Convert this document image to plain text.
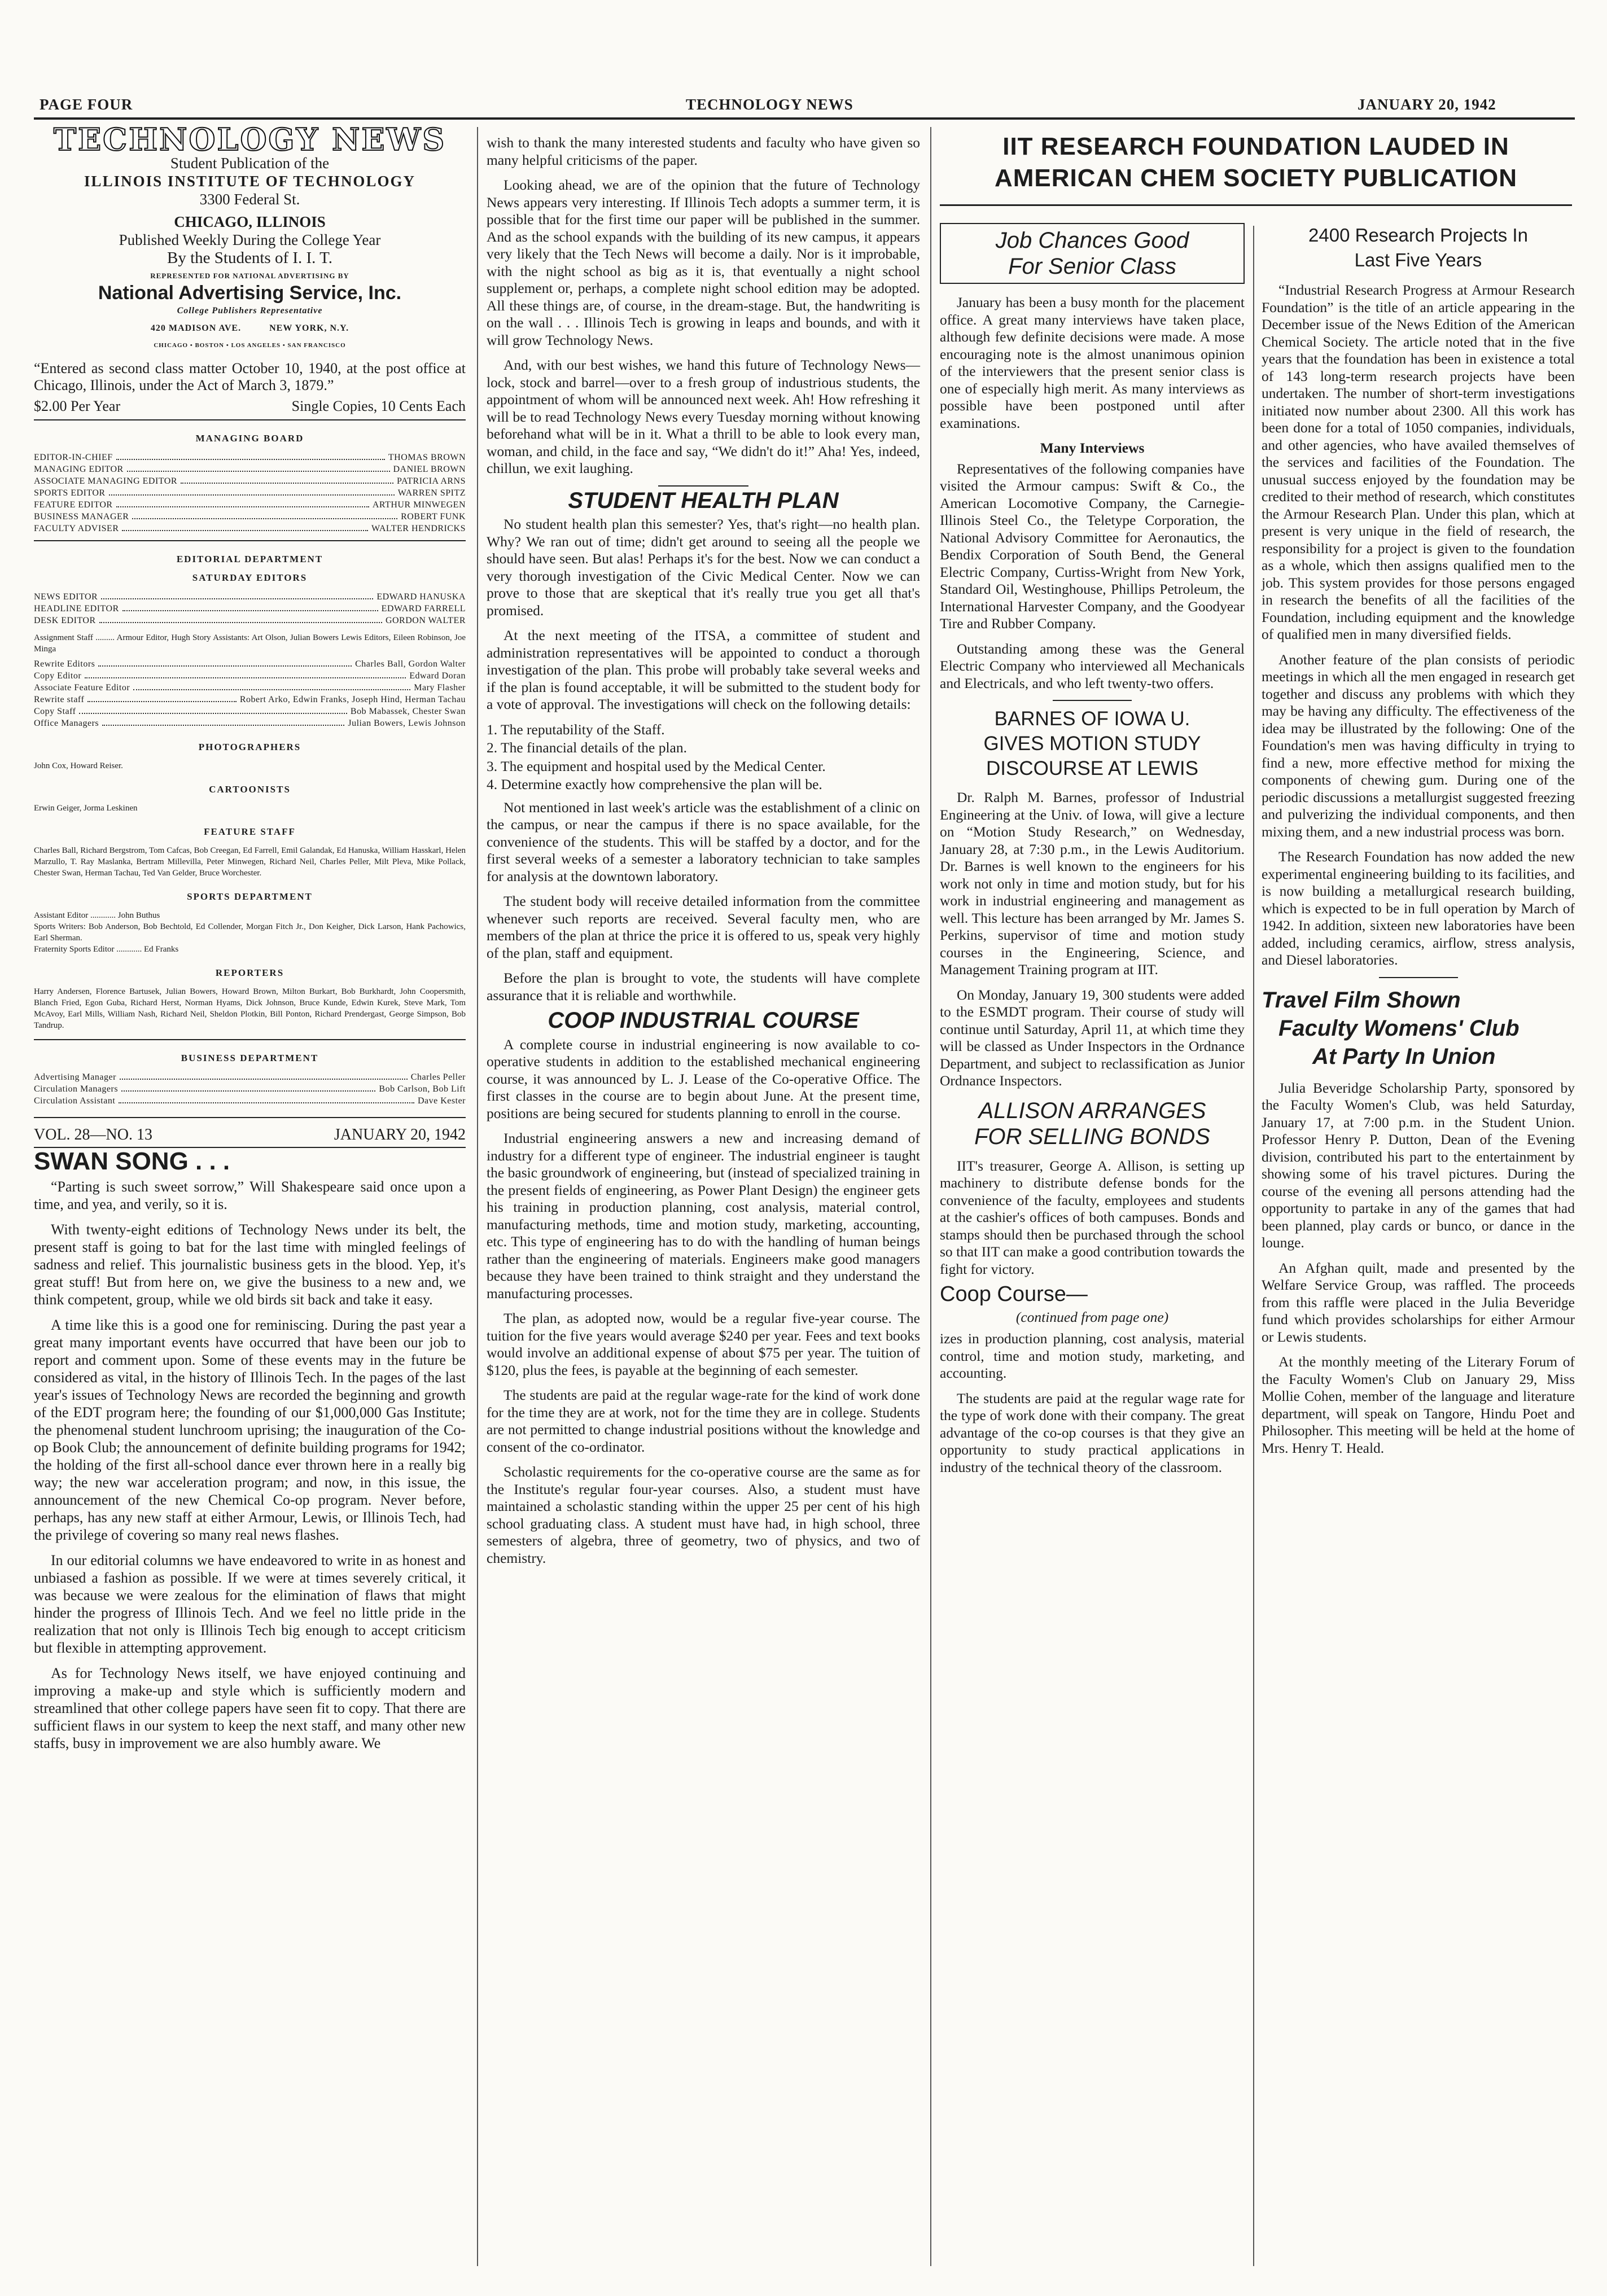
PAGE FOUR	TECHNOLOGY NEWS	JANUARY 20, 1942
TECHNOLOGY NEWS
Student Publication of the
ILLINOIS INSTITUTE OF TECHNOLOGY
3300 Federal St.
CHICAGO, ILLINOIS
Published Weekly During the College Year
By the Students of I. I. T.
REPRESENTED FOR NATIONAL ADVERTISING BY
National Advertising Service, Inc.
College Publishers Representative
420 MADISON AVE.          NEW YORK, N.Y.
CHICAGO • BOSTON • LOS ANGELES • SAN FRANCISCO
“Entered as second class matter October 10, 1940, at the post office at Chicago, Illinois, under the Act of March 3, 1879.”
$2.00 Per Year	Single Copies, 10 Cents Each
MANAGING BOARD
EDITOR-IN-CHIEF	THOMAS BROWN
MANAGING EDITOR	DANIEL BROWN
ASSOCIATE MANAGING EDITOR	PATRICIA ARNS
SPORTS EDITOR	WARREN SPITZ
FEATURE EDITOR	ARTHUR MINWEGEN
BUSINESS MANAGER	ROBERT FUNK
FACULTY ADVISER	WALTER HENDRICKS
EDITORIAL DEPARTMENT
SATURDAY EDITORS
NEWS EDITOR	EDWARD HANUSKA
HEADLINE EDITOR	EDWARD FARRELL
DESK EDITOR	GORDON WALTER
Assignment Staff ......... Armour Editor, Hugh Story Assistants: Art Olson, Julian Bowers Lewis Editors, Eileen Robinson, Joe Minga
Rewrite Editors	Charles Ball, Gordon Walter
Copy Editor	Edward Doran
Associate Feature Editor	Mary Flasher
Rewrite staff	Robert Arko, Edwin Franks, Joseph Hind, Herman Tachau
Copy Staff	Bob Mabassek, Chester Swan
Office Managers	Julian Bowers, Lewis Johnson
PHOTOGRAPHERS
John Cox, Howard Reiser.
CARTOONISTS
Erwin Geiger, Jorma Leskinen
FEATURE STAFF
Charles Ball, Richard Bergstrom, Tom Cafcas, Bob Creegan, Ed Farrell, Emil Galandak, Ed Hanuska, William Hasskarl, Helen Marzullo, T. Ray Maslanka, Bertram Millevilla, Peter Minwegen, Richard Neil, Charles Peller, Milt Pleva, Mike Pollack, Chester Swan, Herman Tachau, Ted Van Gelder, Bruce Worchester.
SPORTS DEPARTMENT
Assistant Editor ............ John Buthus
Sports Writers: Bob Anderson, Bob Bechtold, Ed Collender, Morgan Fitch Jr., Don Keigher, Dick Larson, Hank Pachowics, Earl Sherman.
Fraternity Sports Editor ............ Ed Franks
REPORTERS
Harry Andersen, Florence Bartusek, Julian Bowers, Howard Brown, Milton Burkart, Bob Burkhardt, John Coopersmith, Blanch Fried, Egon Guba, Richard Herst, Norman Hyams, Dick Johnson, Bruce Kunde, Edwin Kurek, Steve Mark, Tom McAvoy, Earl Mills, William Nash, Richard Neil, Sheldon Plotkin, Bill Ponton, Richard Prendergast, George Simpson, Bob Tandrup.
BUSINESS DEPARTMENT
Advertising Manager	Charles Peller
Circulation Managers	Bob Carlson, Bob Lift
Circulation Assistant	Dave Kester
VOL. 28—NO. 13	JANUARY 20, 1942
SWAN SONG . . .

“Parting is such sweet sorrow,” Will Shakespeare said once upon a time, and yea, and verily, so it is.

With twenty-eight editions of Technology News under its belt, the present staff is going to bat for the last time with mingled feelings of sadness and relief. This journalistic business gets in the blood. Yep, it's great stuff! But from here on, we give the business to a new and, we think competent, group, while we old birds sit back and take it easy.

A time like this is a good one for reminiscing. During the past year a great many important events have occurred that have been our job to report and comment upon. Some of these events may in the future be considered as vital, in the history of Illinois Tech. In the pages of the last year's issues of Technology News are recorded the beginning and growth of the EDT program here; the founding of our $1,000,000 Gas Institute; the phenomenal student lunchroom uprising; the inauguration of the Co-op Book Club; the announcement of definite building programs for 1942; the holding of the first all-school dance ever thrown here in a really big way; the new war acceleration program; and now, in this issue, the announcement of the new Chemical Co-op program. Never before, perhaps, has any new staff at either Armour, Lewis, or Illinois Tech, had the privilege of covering so many real news flashes.

In our editorial columns we have endeavored to write in as honest and unbiased a fashion as possible. If we were at times severely critical, it was because we were zealous for the elimination of flaws that might hinder the progress of Illinois Tech. And we feel no little pride in the realization that not only is Illinois Tech big enough to accept criticism but flexible in attempting approvement.

As for Technology News itself, we have enjoyed continuing and improving a make-up and style which is sufficiently modern and streamlined that other college papers have seen fit to copy. That there are sufficient flaws in our system to keep the next staff, and many other new staffs, busy in improvement we are also humbly aware. We

wish to thank the many interested students and faculty who have given so many helpful criticisms of the paper.

Looking ahead, we are of the opinion that the future of Technology News appears very interesting. If Illinois Tech adopts a summer term, it is possible that for the first time our paper will be published in the summer. And as the school expands with the building of its new campus, it appears very likely that the Tech News will become a daily. Nor is it improbable, with the night school as big as it is, that eventually a night school supplement or, perhaps, a complete night school edition may be adopted. All these things are, of course, in the dream-stage. But, the handwriting is on the wall . . . Illinois Tech is growing in leaps and bounds, and with it will grow Technology News.

And, with our best wishes, we hand this future of Technology News—lock, stock and barrel—over to a fresh group of industrious students, the appointment of whom will be announced next week. Ah! How refreshing it will be to read Technology News every Tuesday morning without knowing beforehand what will be in it. What a thrill to be able to look every man, woman, and child, in the face and say, “We didn't do it!” Aha! Yes, indeed, chillun, we exit laughing.

STUDENT HEALTH PLAN

No student health plan this semester? Yes, that's right—no health plan. Why? We ran out of time; didn't get around to seeing all the people we should have seen. But alas! Perhaps it's for the best. Now we can conduct a very thorough investigation of the Civic Medical Center. Now we can prove to those that are skeptical that it's really true you get all that's promised.

At the next meeting of the ITSA, a committee of student and administration representatives will be appointed to conduct a thorough investigation of the plan. This probe will probably take several weeks and if the plan is found acceptable, it will be submitted to the student body for a vote of approval. The investigations will check on the following details:

1. The reputability of the Staff.
2. The financial details of the plan.
3. The equipment and hospital used by the Medical Center.
4. Determine exactly how comprehensive the plan will be.

Not mentioned in last week's article was the establishment of a clinic on the campus, or near the campus if there is no space available, for the convenience of the students. This will be staffed by a doctor, and for the first several weeks of a semester a laboratory technician to take samples for analysis at the downtown laboratory.

The student body will receive detailed information from the committee whenever such reports are received. Several faculty men, who are members of the plan at thrice the price it is offered to us, speak very highly of the plan, staff and equipment.

Before the plan is brought to vote, the students will have complete assurance that it is reliable and worthwhile.

COOP INDUSTRIAL COURSE

A complete course in industrial engineering is now available to co-operative students in addition to the established mechanical engineering course, it was announced by L. J. Lease of the Co-operative Office. The first classes in the course are to begin about June. At the present time, positions are being secured for students planning to enroll in the course.

Industrial engineering answers a new and increasing demand of industry for a different type of engineer. The industrial engineer is taught the basic groundwork of engineering, but (instead of specialized training in the present fields of engineering, as Power Plant Design) the engineer gets his training in production planning, cost analysis, material control, manufacturing methods, time and motion study, marketing, accounting, etc. This type of engineering has to do with the handling of human beings rather than the engineering of materials. Engineers make good managers because they have been trained to think straight and they understand the manufacturing processes.

The plan, as adopted now, would be a regular five-year course. The tuition for the five years would average $240 per year. Fees and text books would involve an additional expense of about $75 per year. The tuition of $120, plus the fees, is payable at the beginning of each semester.

The students are paid at the regular wage-rate for the kind of work done for the time they are at work, not for the time they are in college. Students are not permitted to change industrial positions without the knowledge and consent of the co-ordinator.

Scholastic requirements for the co-operative course are the same as for the Institute's regular four-year courses. Also, a student must have maintained a scholastic standing within the upper 25 per cent of his high school graduating class. A student must have had, in high school, three semesters of algebra, three of geometry, two of physics, and two of chemistry.

IIT RESEARCH FOUNDATION LAUDED IN
AMERICAN CHEM SOCIETY PUBLICATION
Job Chances Good
For Senior Class

January has been a busy month for the placement office. A great many interviews have taken place, although few definite decisions were made. A mose encouraging note is the almost unanimous opinion of the interviewers that the present senior class is one of especially high merit. As many interviews as possible have been postponed until after examinations.

Many Interviews

Representatives of the following companies have visited the Armour campus: Swift & Co., the American Locomotive Company, the Carnegie-Illinois Steel Co., the Teletype Corporation, the National Advisory Committee for Aeronautics, the Bendix Corporation of South Bend, the General Electric Company, Curtiss-Wright from New York, Standard Oil, Westinghouse, Phillips Petroleum, the International Harvester Company, and the Goodyear Tire and Rubber Company.

Outstanding among these was the General Electric Company who interviewed all Mechanicals and Electricals, and who left twenty-two offers.

BARNES OF IOWA U.
GIVES MOTION STUDY
DISCOURSE AT LEWIS

Dr. Ralph M. Barnes, professor of Industrial Engineering at the Univ. of Iowa, will give a lecture on “Motion Study Research,” on Wednesday, January 28, at 7:30 p.m., in the Lewis Auditorium. Dr. Barnes is well known to the engineers for his work not only in time and motion study, but for his work in industrial engineering and management as well. This lecture has been arranged by Mr. James S. Perkins, supervisor of time and motion study courses in the Engineering, Science, and Management Training program at IIT.

On Monday, January 19, 300 students were added to the ESMDT program. Their course of study will continue until Saturday, April 11, at which time they will be classed as Under Inspectors in the Ordnance Department, and subject to reclassification as Junior Ordnance Inspectors.

ALLISON ARRANGES
FOR SELLING BONDS

IIT's treasurer, George A. Allison, is setting up machinery to distribute defense bonds for the convenience of the faculty, employees and students at the cashier's offices of both campuses. Bonds and stamps should then be purchased through the school so that IIT can make a good contribution towards the fight for victory.

Coop Course—
(continued from page one)

izes in production planning, cost analysis, material control, time and motion study, marketing, and accounting.

The students are paid at the regular wage rate for the type of work done with their company. The great advantage of the co-op courses is that they give an opportunity to study practical applications in industry of the technical theory of the classroom.

2400 Research Projects In
Last Five Years

“Industrial Research Progress at Armour Research Foundation” is the title of an article appearing in the December issue of the News Edition of the American Chemical Society. The article noted that in the five years that the foundation has been in existence a total of 143 long-term research projects have been undertaken. The number of short-term investigations initiated now number about 2300. All this work has been done for a total of 1050 companies, individuals, and other agencies, who have availed themselves of the services and facilities of the Foundation. The unusual success enjoyed by the foundation may be credited to their method of research, which constitutes the Armour Research Plan. Under this plan, which at present is very unique in the field of research, the responsibility for a project is given to the foundation as a whole, which then assigns qualified men to the job. This system provides for those persons engaged in research the benefits of all the facilities of the Foundation, including equipment and the knowledge of qualified men in many diversified fields.

Another feature of the plan consists of periodic meetings in which all the men engaged in research get together and discuss any problems with which they may be having any difficulty. The effectiveness of the idea may be illustrated by the following: One of the Foundation's men was having difficulty in trying to find a new, more effective method for mixing the components of chewing gum. During one of the periodic discussions a metallurgist suggested freezing and pulverizing the individual components, and then mixing them, and a new industrial process was born.

The Research Foundation has now added the new experimental engineering building to its facilities, and is now building a metallurgical research building, which is expected to be in full operation by March of 1942. In addition, sixteen new laboratories have been added, including ceramics, airflow, stress analysis, and Diesel laboratories.

Travel Film Shown
Faculty Womens' Club
At Party In Union

Julia Beveridge Scholarship Party, sponsored by the Faculty Women's Club, was held Saturday, January 17, at 7:00 p.m. in the Student Union. Professor Henry P. Dutton, Dean of the Evening division, contributed his part to the entertainment by showing some of his travel pictures. During the course of the evening all persons attending had the opportunity to partake in any of the games that had been planned, play cards or bunco, or dance in the lounge.

An Afghan quilt, made and presented by the Welfare Service Group, was raffled. The proceeds from this raffle were placed in the Julia Beveridge fund which provides scholarships for either Armour or Lewis students.

At the monthly meeting of the Literary Forum of the Faculty Women's Club on January 29, Miss Mollie Cohen, member of the language and literature department, will speak on Tangore, Hindu Poet and Philosopher. This meeting will be held at the home of Mrs. Henry T. Heald.
